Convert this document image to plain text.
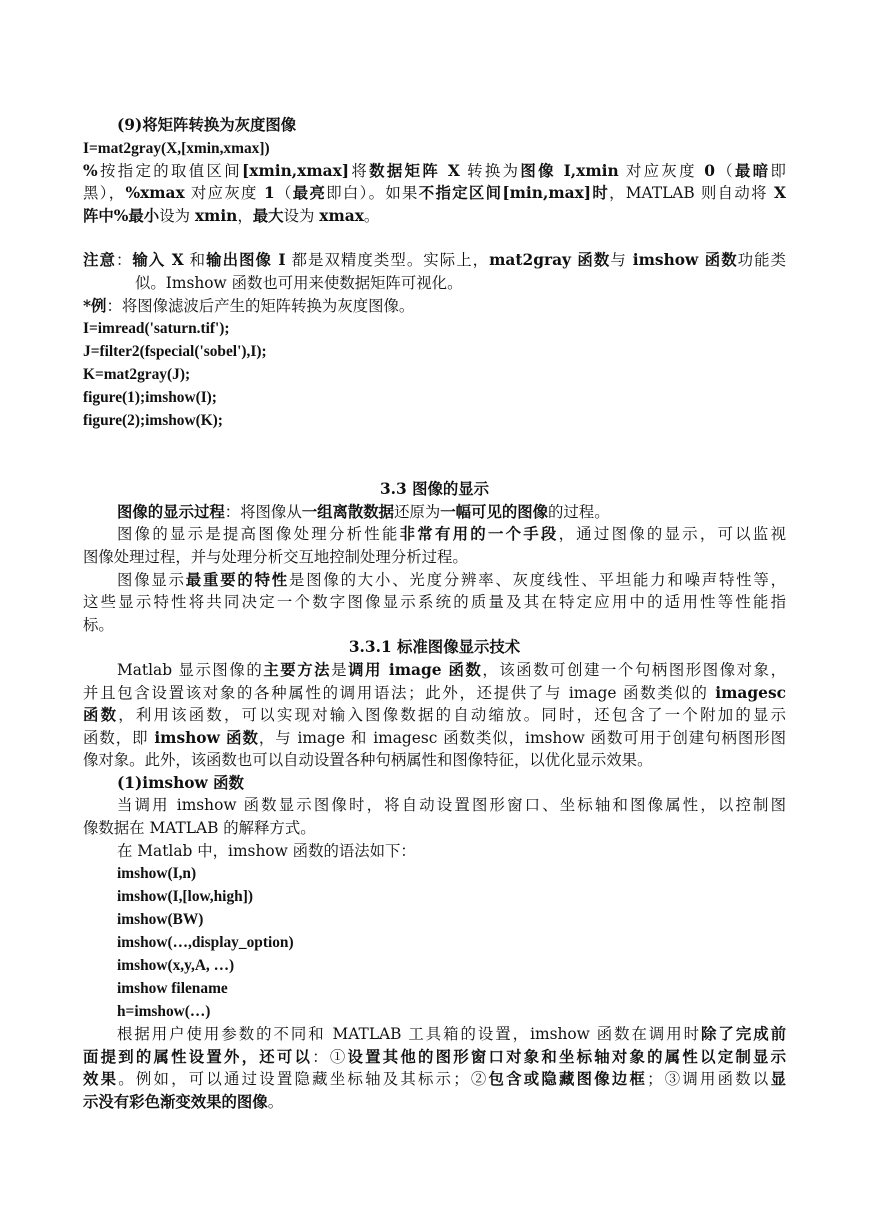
(9)将矩阵转换为灰度图像
I=mat2gray(X,[xmin,xmax])
%按指定的取值区间[xmin,xmax]将数据矩阵 X 转换为图像 I,xmin 对应灰度 0（最暗即
黑），%xmax 对应灰度 1（最亮即白）。如果不指定区间[min,max]时，MATLAB 则自动将 X
阵中%最小设为 xmin，最大设为 xmax。
注意：输入 X 和输出图像 I 都是双精度类型。实际上，mat2gray 函数与 imshow 函数功能类
似。Imshow 函数也可用来使数据矩阵可视化。
*例：将图像滤波后产生的矩阵转换为灰度图像。
I=imread('saturn.tif');
J=filter2(fspecial('sobel'),I);
K=mat2gray(J);
figure(1);imshow(I);
figure(2);imshow(K);
3.3 图像的显示
图像的显示过程：将图像从一组离散数据还原为一幅可见的图像的过程。
图像的显示是提高图像处理分析性能非常有用的一个手段，通过图像的显示，可以监视
图像处理过程，并与处理分析交互地控制处理分析过程。
图像显示最重要的特性是图像的大小、光度分辨率、灰度线性、平坦能力和噪声特性等，
这些显示特性将共同决定一个数字图像显示系统的质量及其在特定应用中的适用性等性能指
标。
3.3.1 标准图像显示技术
Matlab 显示图像的主要方法是调用 image 函数，该函数可创建一个句柄图形图像对象，
并且包含设置该对象的各种属性的调用语法；此外，还提供了与 image 函数类似的 imagesc
函数，利用该函数，可以实现对输入图像数据的自动缩放。同时，还包含了一个附加的显示
函数，即 imshow 函数，与 image 和 imagesc 函数类似，imshow 函数可用于创建句柄图形图
像对象。此外，该函数也可以自动设置各种句柄属性和图像特征，以优化显示效果。
(1)imshow 函数
当调用 imshow 函数显示图像时，将自动设置图形窗口、坐标轴和图像属性，以控制图
像数据在 MATLAB 的解释方式。
在 Matlab 中，imshow 函数的语法如下：
imshow(I,n)
imshow(I,[low,high])
imshow(BW)
imshow(…,display_option)
imshow(x,y,A, …)
imshow filename
h=imshow(…)
根据用户使用参数的不同和 MATLAB 工具箱的设置，imshow 函数在调用时除了完成前
面提到的属性设置外，还可以：①设置其他的图形窗口对象和坐标轴对象的属性以定制显示
效果。例如，可以通过设置隐藏坐标轴及其标示；②包含或隐藏图像边框；③调用函数以显
示没有彩色渐变效果的图像。
